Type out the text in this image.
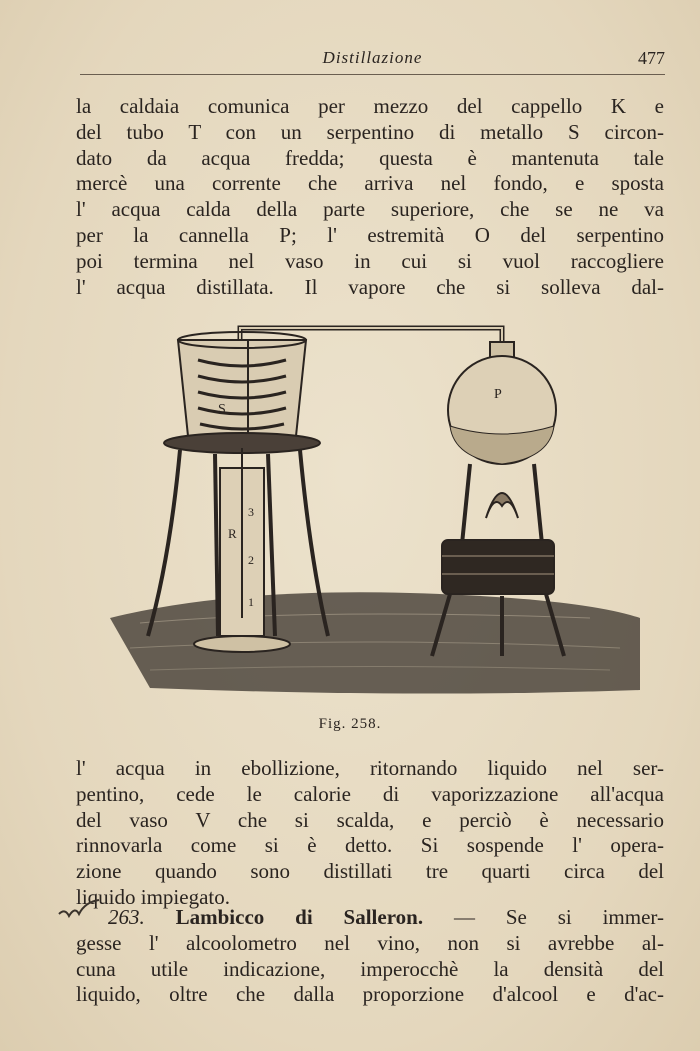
Distillazione	477

la caldaia comunica per mezzo del cappello K e
del tubo T con un serpentino di metallo S circon-
dato da acqua fredda; questa è mantenuta tale
mercè una corrente che arriva nel fondo, e sposta
l' acqua calda della parte superiore, che se ne va
per la cannella P; l' estremità O del serpentino
poi termina nel vaso in cui si vuol raccogliere
l' acqua distillata. Il vapore che si solleva dal-

S
3
R
2
1
P
Fig. 258.

l' acqua in ebollizione, ritornando liquido nel ser-
pentino, cede le calorie di vaporizzazione all'acqua
del vaso V che si scalda, e perciò è necessario
rinnovarla come si è detto. Si sospende l' opera-
zione quando sono distillati tre quarti circa del
liquido impiegato.

263. Lambicco di Salleron. — Se si immer-
gesse l' alcoolometro nel vino, non si avrebbe al-
cuna utile indicazione, imperocchè la densità del
liquido, oltre che dalla proporzione d'alcool e d'ac-
